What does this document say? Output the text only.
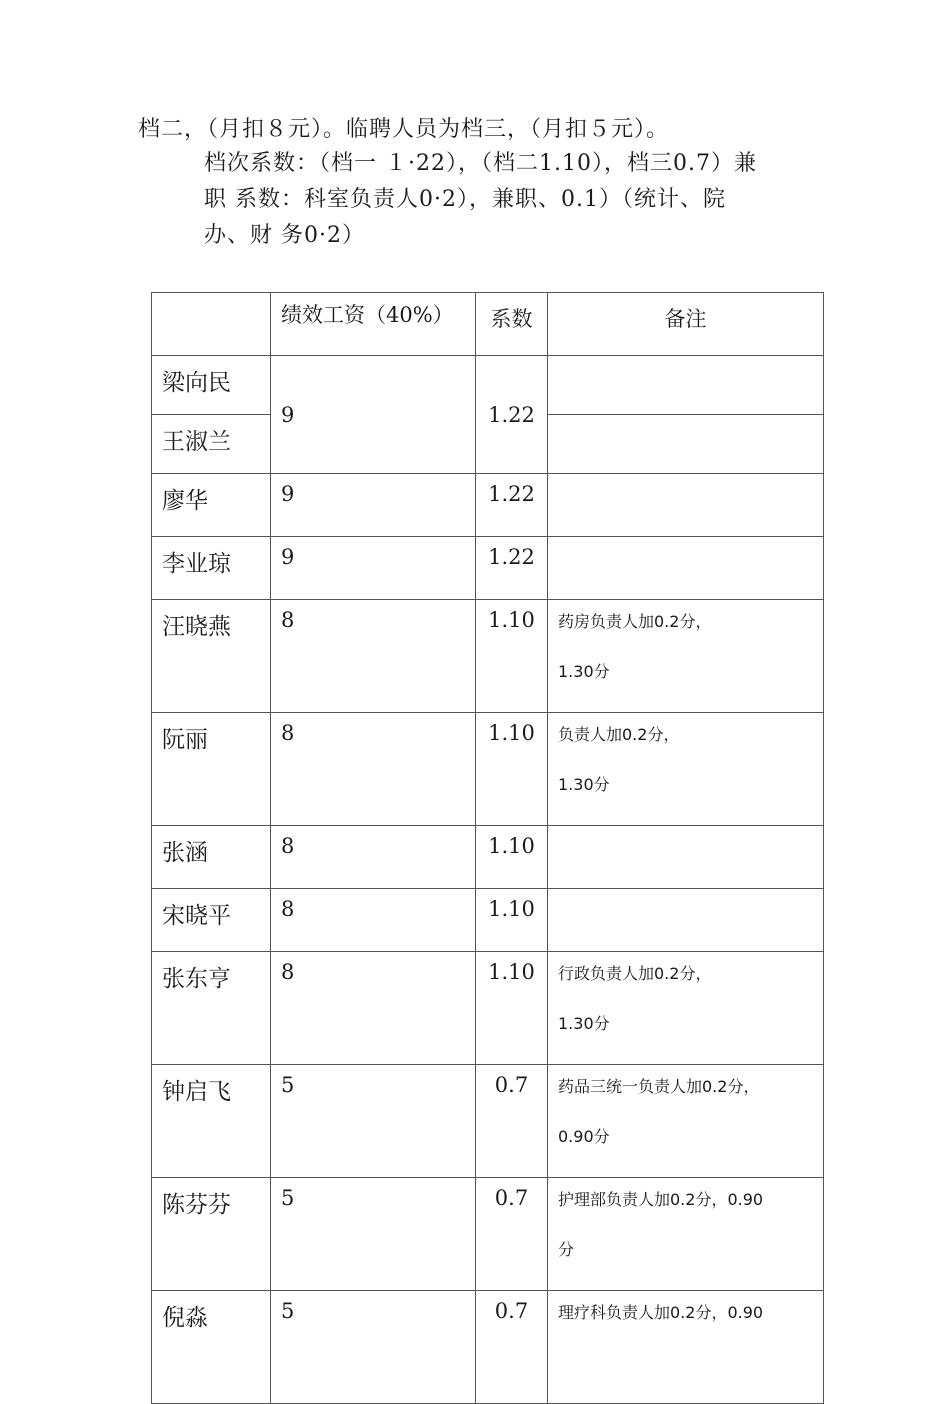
档二，（月扣８元）。临聘人员为档三，（月扣５元）。
档次系数：（档一 １·22），（档二1.10），档三0.7）兼
职 系数：科室负责人0·2），兼职、0.1）（统计、院
办、财 务0·2）
	绩效工资（40%）	系数	备注
梁向民	9	1.22	
王淑兰			
廖华	9	1.22	
李业琼	9	1.22	
汪晓燕	8	1.10	药房负责人加0.2分，
1.30分

阮丽	8	1.10	负责人加0.2分，
1.30分

张涵	8	1.10	
宋晓平	8	1.10	
张东亨	8	1.10	行政负责人加0.2分，
1.30分

钟启飞	5	0.7	药品三统一负责人加0.2分，
0.90分

陈芬芬	5	0.7	护理部负责人加0.2分，0.90
分

倪淼	5	0.7	理疗科负责人加0.2分，0.90
